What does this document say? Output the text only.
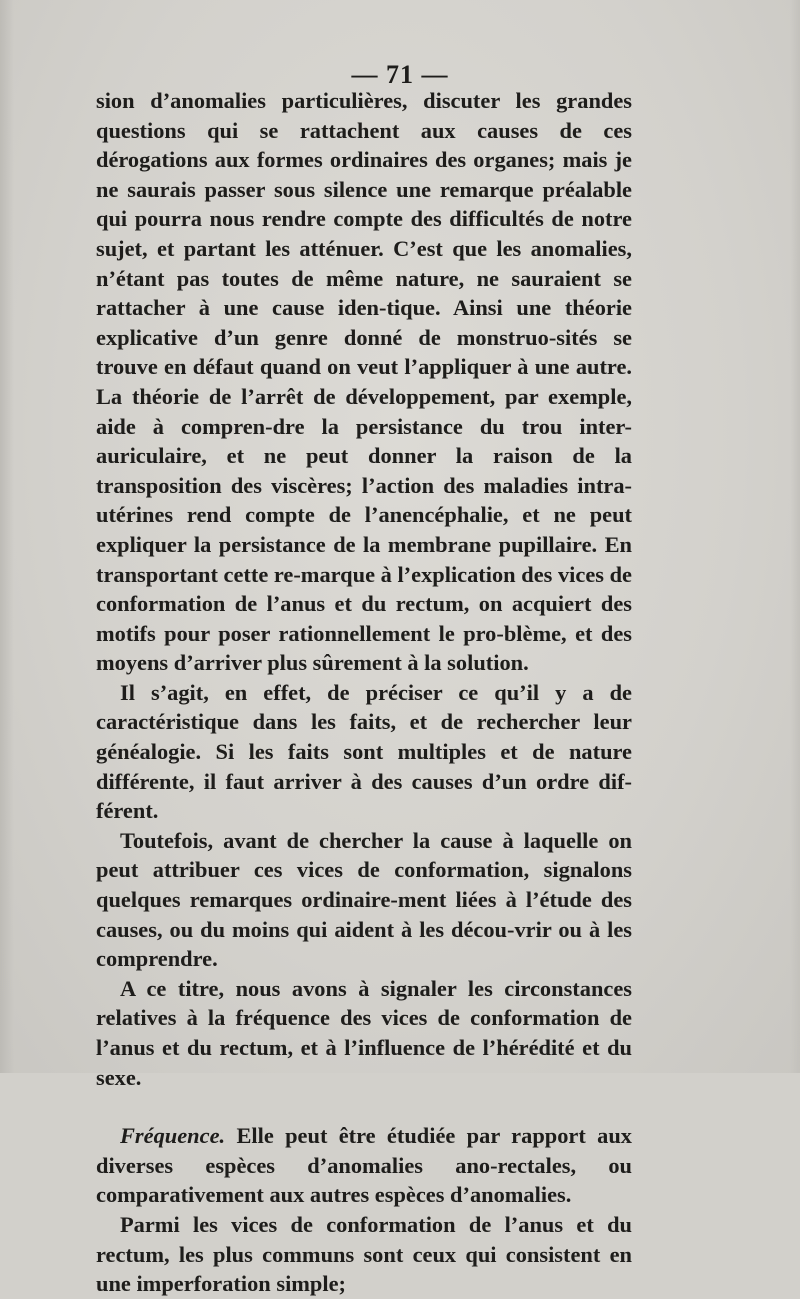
— 71 —

sion d’anomalies particulières, discuter les grandes questions qui se rattachent aux causes de ces dérogations aux formes ordinaires des organes; mais je ne saurais passer sous silence une remarque préalable qui pourra nous rendre compte des difficultés de notre sujet, et partant les atténuer. C’est que les anomalies, n’étant pas toutes de même nature, ne sauraient se rattacher à une cause iden-tique. Ainsi une théorie explicative d’un genre donné de monstruo-sités se trouve en défaut quand on veut l’appliquer à une autre. La théorie de l’arrêt de développement, par exemple, aide à compren-dre la persistance du trou inter-auriculaire, et ne peut donner la raison de la transposition des viscères; l’action des maladies intra-utérines rend compte de l’anencéphalie, et ne peut expliquer la persistance de la membrane pupillaire. En transportant cette re-marque à l’explication des vices de conformation de l’anus et du rectum, on acquiert des motifs pour poser rationnellement le pro-blème, et des moyens d’arriver plus sûrement à la solution.

Il s’agit, en effet, de préciser ce qu’il y a de caractéristique dans les faits, et de rechercher leur généalogie. Si les faits sont multiples et de nature différente, il faut arriver à des causes d’un ordre dif-férent.

Toutefois, avant de chercher la cause à laquelle on peut attribuer ces vices de conformation, signalons quelques remarques ordinaire-ment liées à l’étude des causes, ou du moins qui aident à les décou-vrir ou à les comprendre.

A ce titre, nous avons à signaler les circonstances relatives à la fréquence des vices de conformation de l’anus et du rectum, et à l’influence de l’hérédité et du sexe.

Fréquence. Elle peut être étudiée par rapport aux diverses espèces d’anomalies ano-rectales, ou comparativement aux autres espèces d’anomalies.

Parmi les vices de conformation de l’anus et du rectum, les plus communs sont ceux qui consistent en une imperforation simple;
